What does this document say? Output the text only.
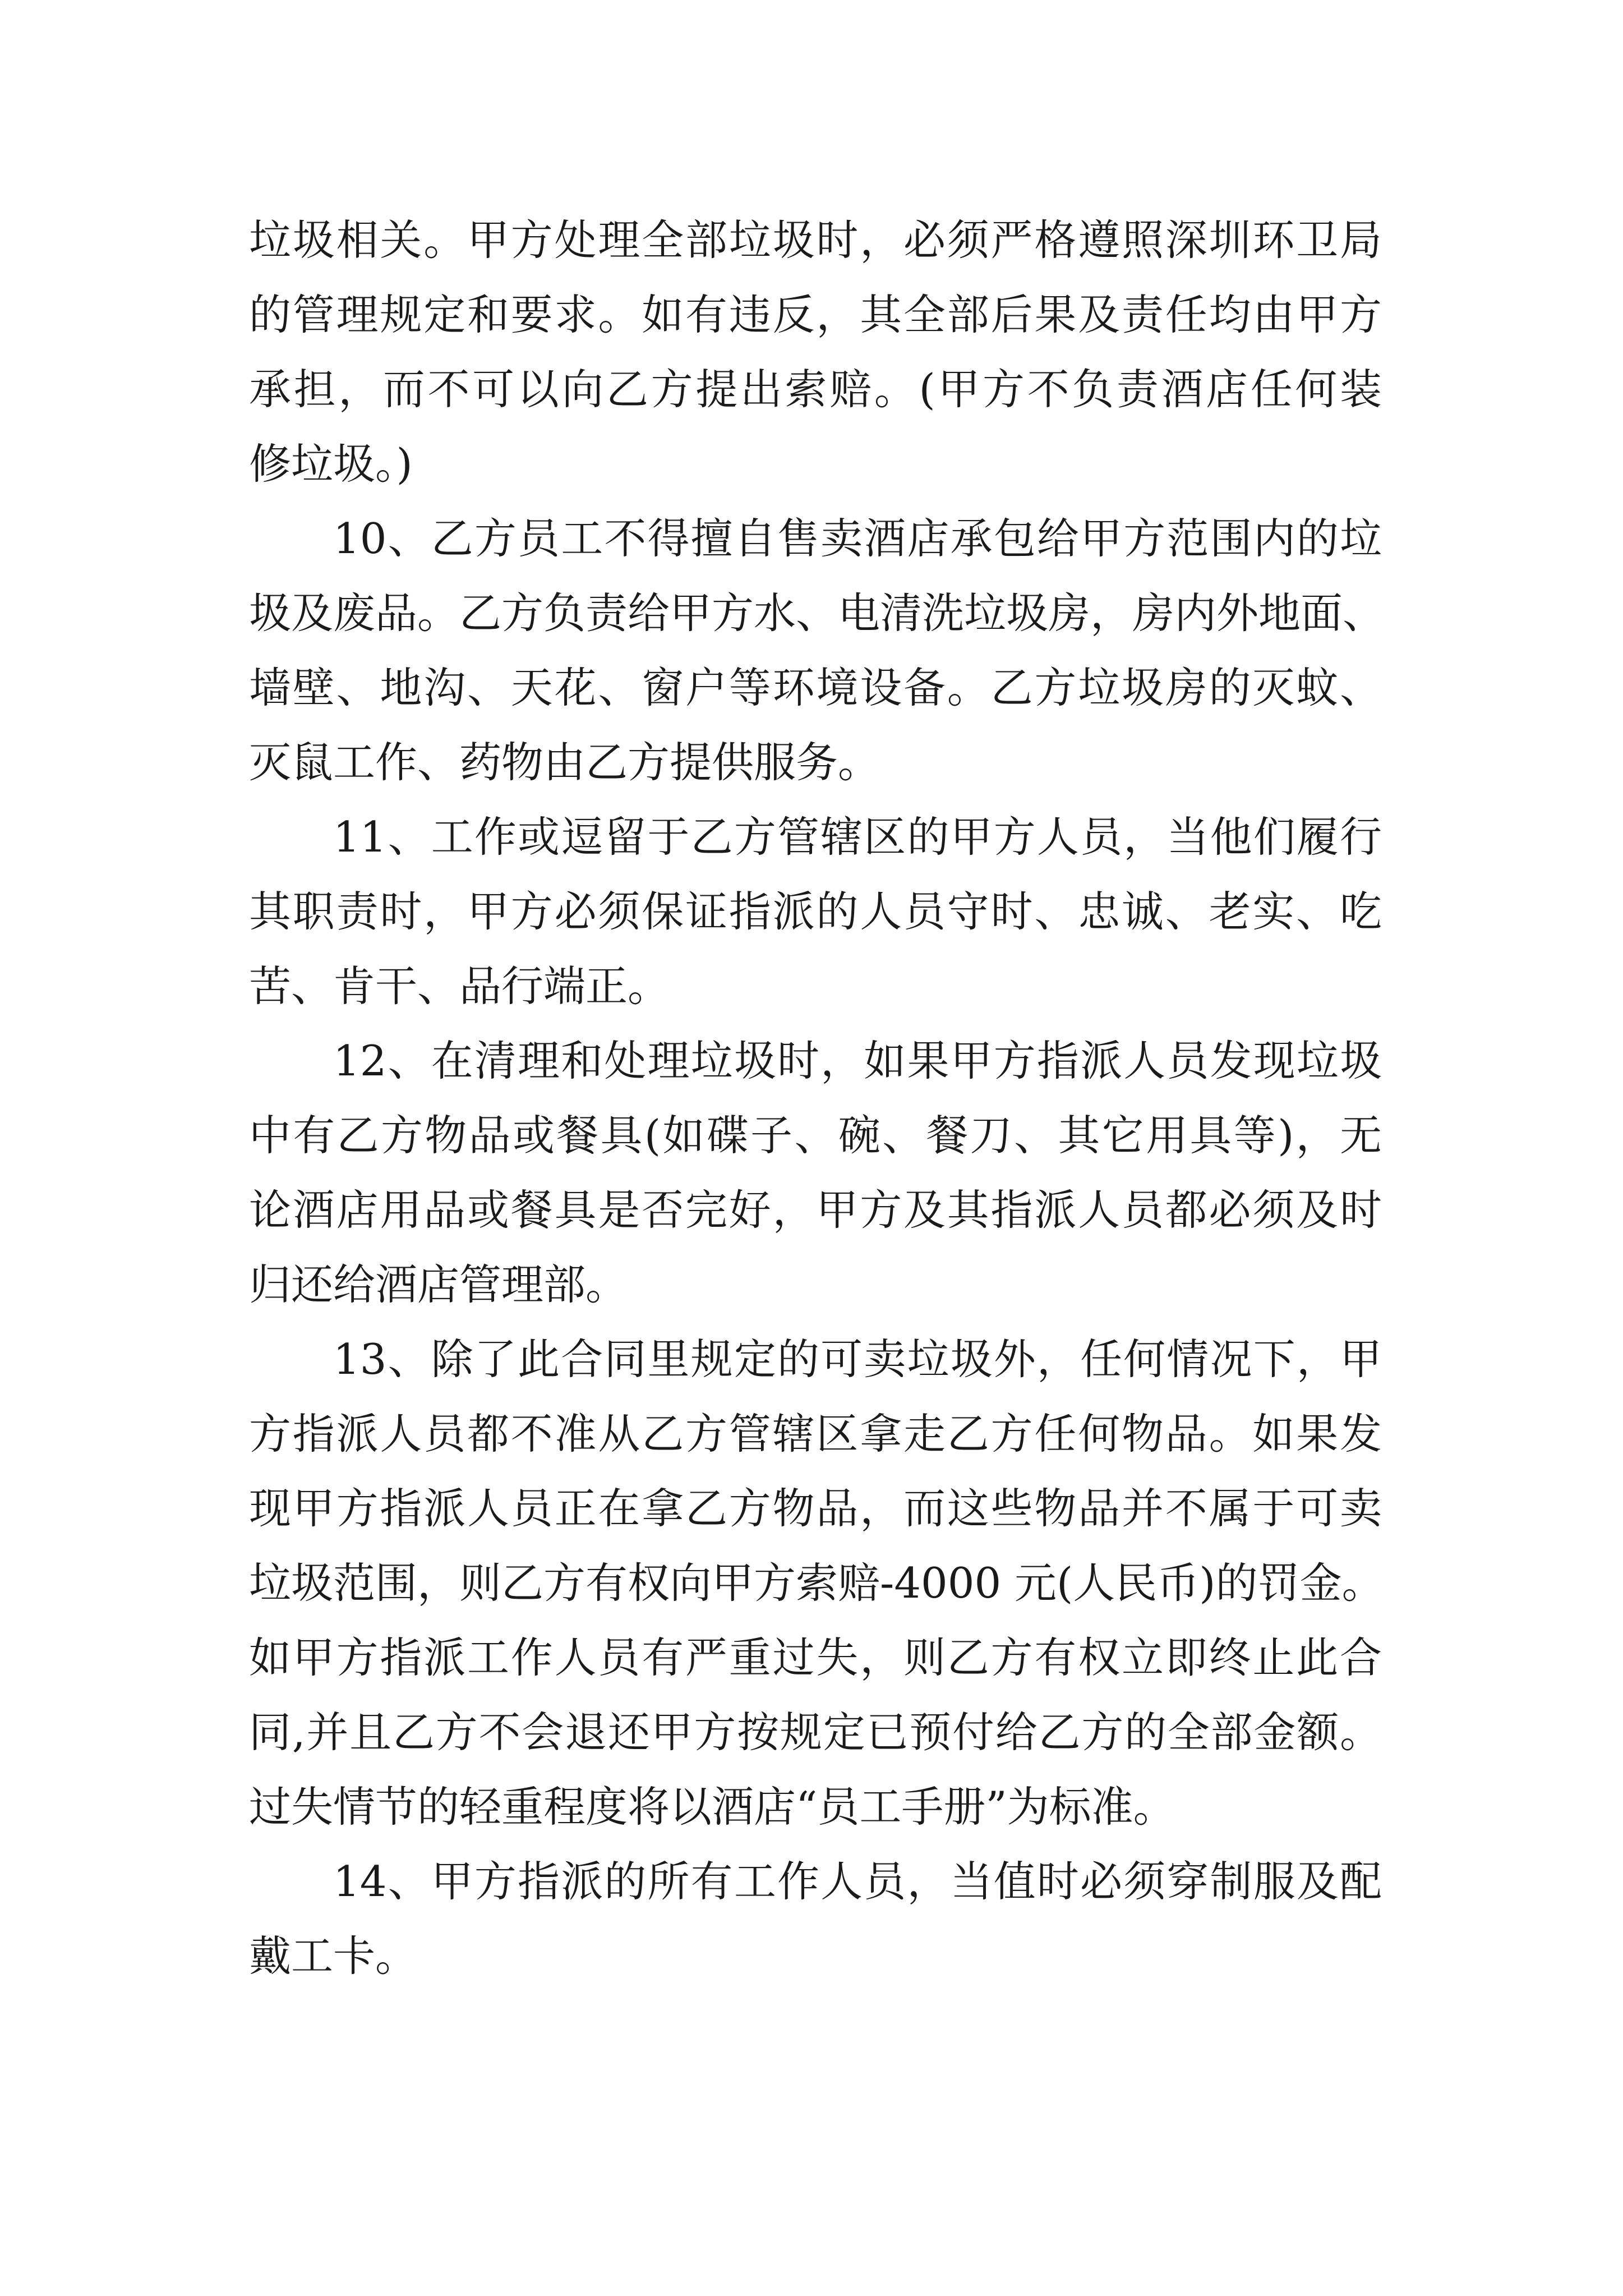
垃圾相关。甲方处理全部垃圾时，必须严格遵照深圳环卫局
的管理规定和要求。如有违反，其全部后果及责任均由甲方
承担，而不可以向乙方提出索赔。(甲方不负责酒店任何装
修垃圾。)
10、乙方员工不得擅自售卖酒店承包给甲方范围内的垃
圾及废品。乙方负责给甲方水、电清洗垃圾房，房内外地面、
墙壁、地沟、天花、窗户等环境设备。乙方垃圾房的灭蚊、
灭鼠工作、药物由乙方提供服务。
11、工作或逗留于乙方管辖区的甲方人员，当他们履行
其职责时，甲方必须保证指派的人员守时、忠诚、老实、吃
苦、肯干、品行端正。
12、在清理和处理垃圾时，如果甲方指派人员发现垃圾
中有乙方物品或餐具(如碟子、碗、餐刀、其它用具等)，无
论酒店用品或餐具是否完好，甲方及其指派人员都必须及时
归还给酒店管理部。
13、除了此合同里规定的可卖垃圾外，任何情况下，甲
方指派人员都不准从乙方管辖区拿走乙方任何物品。如果发
现甲方指派人员正在拿乙方物品，而这些物品并不属于可卖
垃圾范围，则乙方有权向甲方索赔-4000 元(人民币)的罚金。
如甲方指派工作人员有严重过失，则乙方有权立即终止此合
同,并且乙方不会退还甲方按规定已预付给乙方的全部金额。
过失情节的轻重程度将以酒店“员工手册”为标准。
14、甲方指派的所有工作人员，当值时必须穿制服及配
戴工卡。
